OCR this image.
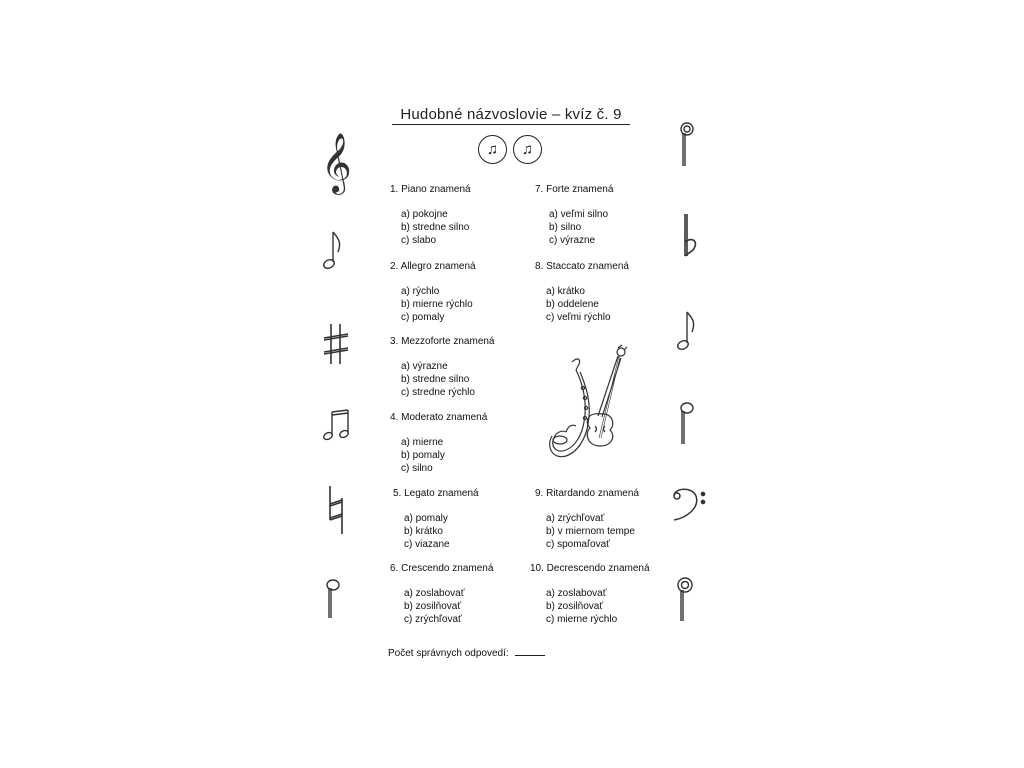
Hudobné názvoslovie – kvíz č. 9
♫	♫
1. Piano znamená
a) pokojne
b) stredne silno
c) slabo
2. Allegro znamená
a) rýchlo
b) mierne rýchlo
c) pomaly
3. Mezzoforte znamená
a) výrazne
b) stredne silno
c) stredne rýchlo
4. Moderato znamená
a) mierne
b) pomaly
c) silno
5. Legato znamená
a) pomaly
b) krátko
c) viazane
6. Crescendo znamená
a) zoslabovať
b) zosilňovať
c) zrýchľovať
7. Forte znamená
a) veľmi silno
b) silno
c) výrazne
8. Staccato znamená
a) krátko
b) oddelene
c) veľmi rýchlo
9. Ritardando znamená
a) zrýchľovať
b) v miernom tempe
c) spomaľovať
10. Decrescendo znamená
a) zoslabovať
b) zosilňovať
c) mierne rýchlo
𝄞
Počet správnych odpovedí:
